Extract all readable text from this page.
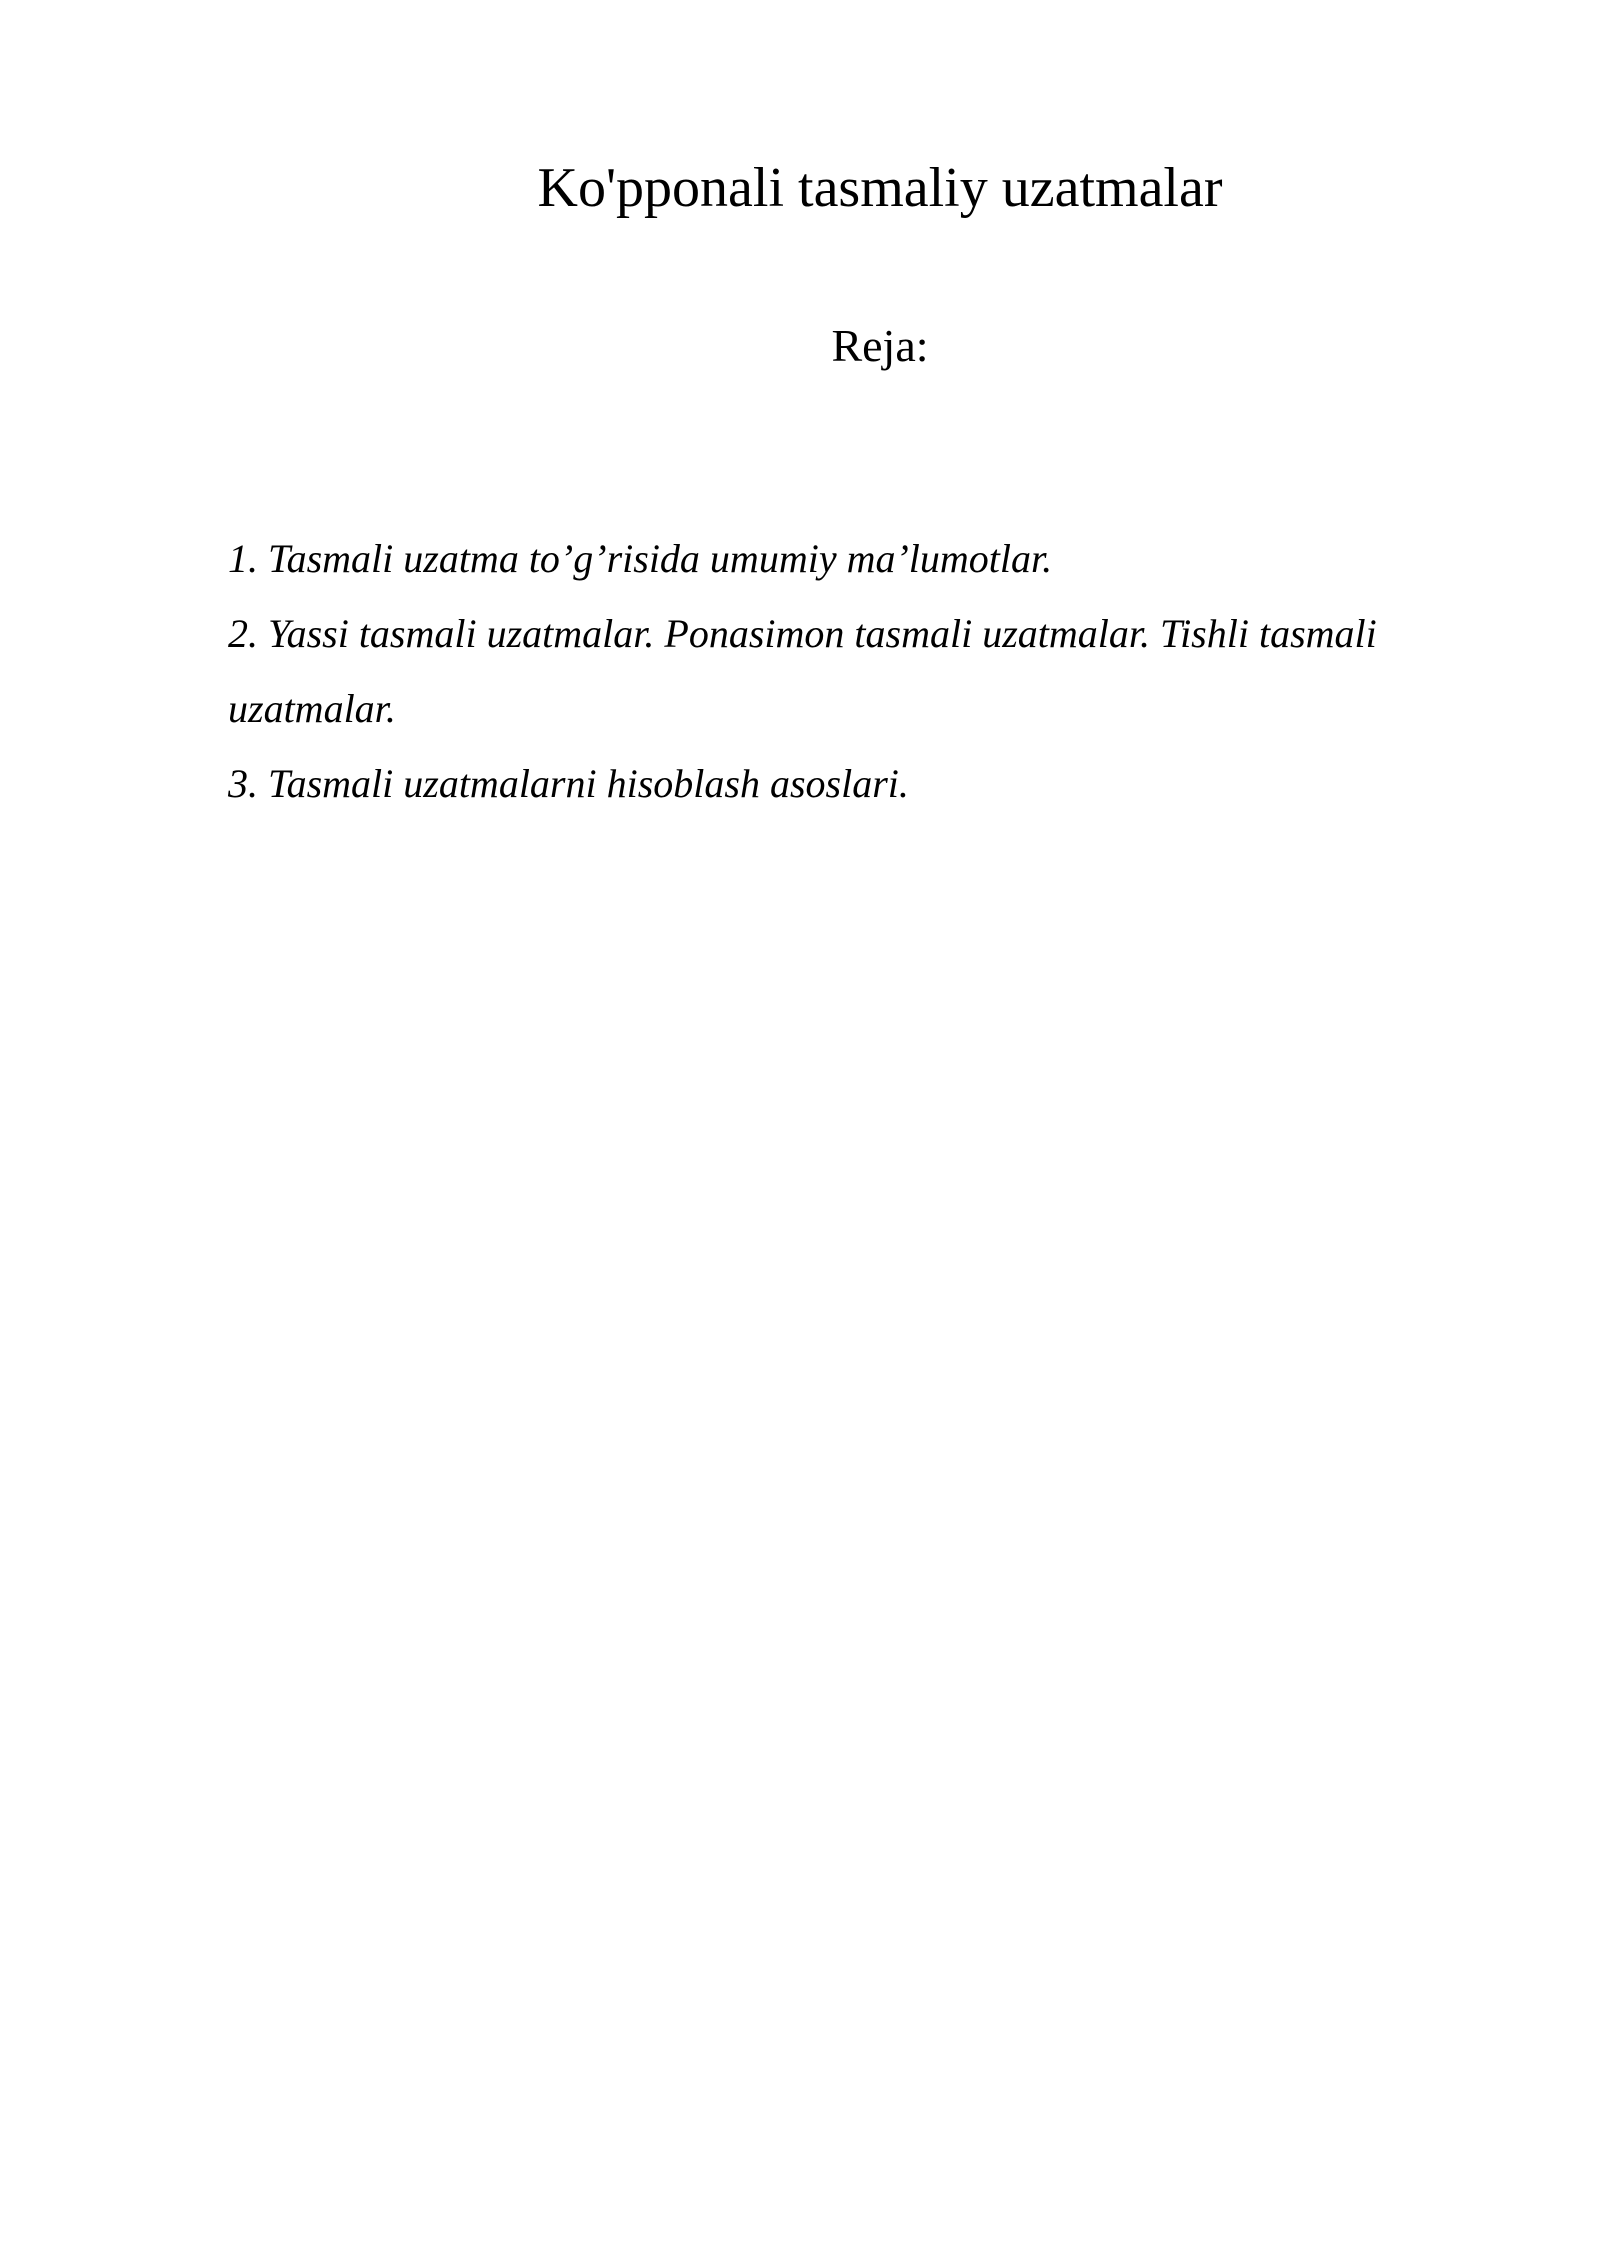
Ko'pponali tasmaliy uzatmalar
Reja:
1. Tasmali uzatma to’g’risida umumiy ma’lumotlar.
2. Yassi tasmali uzatmalar. Ponasimon tasmali uzatmalar. Tishli tasmali uzatmalar.
3. Tasmali uzatmalarni hisoblash asoslari.
